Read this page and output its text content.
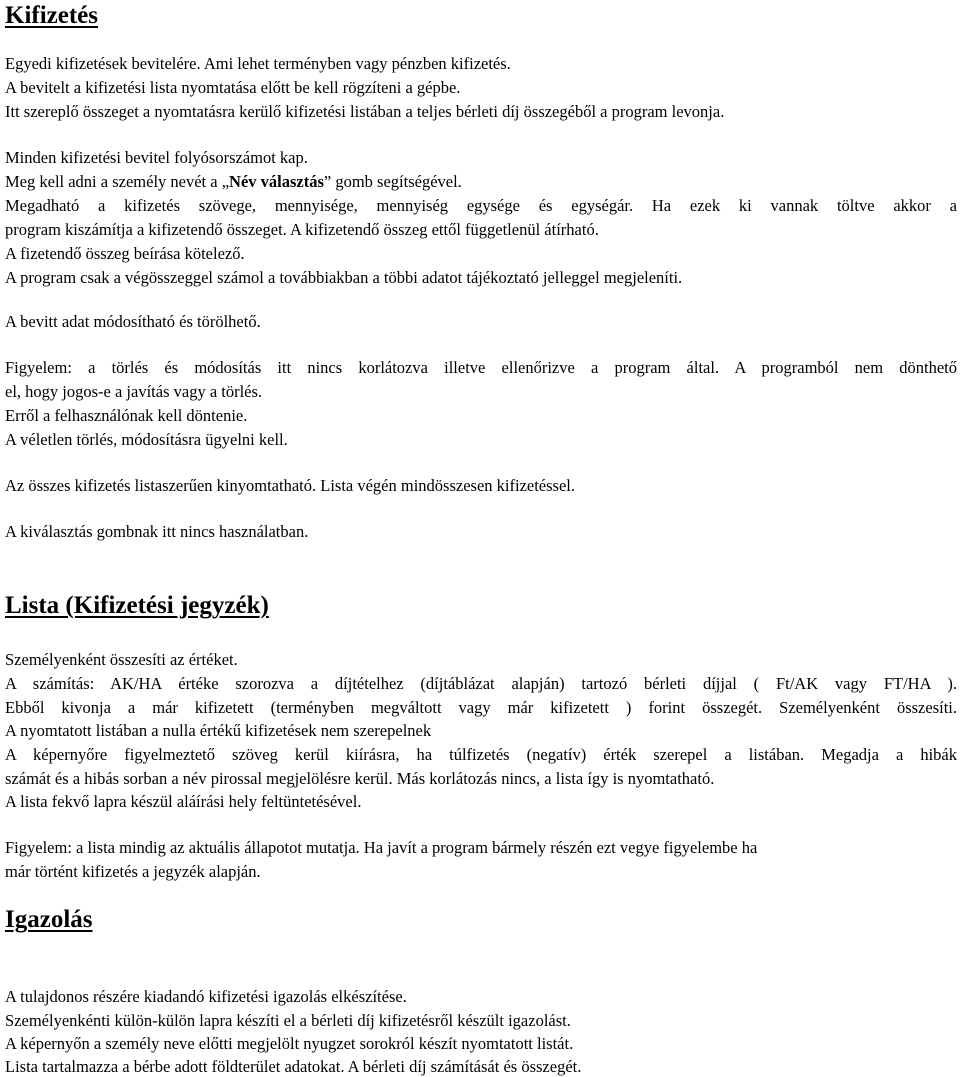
Kifizetés

Egyedi kifizetések bevitelére. Ami lehet terményben vagy pénzben kifizetés.

A bevitelt a kifizetési lista nyomtatása előtt be kell rögzíteni a gépbe.

Itt szereplő összeget a nyomtatásra kerülő kifizetési listában a teljes bérleti díj összegéből a program levonja.

Minden kifizetési bevitel folyósorszámot kap.

Meg kell adni a személy nevét a „Név választás” gomb segítségével.

Megadható a kifizetés szövege, mennyisége, mennyiség egysége és egységár. Ha ezek ki vannak töltve akkor a

program kiszámítja a kifizetendő összeget. A kifizetendő összeg ettől függetlenül átírható.

A fizetendő összeg beírása kötelező.

A program csak a végösszeggel számol a továbbiakban a többi adatot tájékoztató jelleggel megjeleníti.

A bevitt adat módosítható és törölhető.

Figyelem: a törlés és módosítás itt nincs korlátozva illetve ellenőrizve a program által. A programból nem dönthető

el, hogy jogos-e a javítás vagy a törlés.

Erről a felhasználónak kell döntenie.

A véletlen törlés, módosításra ügyelni kell.

Az összes kifizetés listaszerűen kinyomtatható. Lista végén mindösszesen kifizetéssel.

A kiválasztás gombnak itt nincs használatban.

Lista (Kifizetési jegyzék)

Személyenként összesíti az értéket.

A számítás: AK/HA értéke szorozva a díjtételhez (díjtáblázat alapján) tartozó bérleti díjjal ( Ft/AK vagy FT/HA ).

Ebből kivonja a már kifizetett (terményben megváltott vagy már kifizetett ) forint összegét. Személyenként összesíti.

A nyomtatott listában a nulla értékű kifizetések nem szerepelnek

A képernyőre figyelmeztető szöveg kerül kiírásra, ha túlfizetés (negatív) érték szerepel a listában. Megadja a hibák

számát és a hibás sorban a név pirossal megjelölésre kerül. Más korlátozás nincs, a lista így is nyomtatható.

A lista fekvő lapra készül aláírási hely feltüntetésével.

Figyelem: a lista mindig az aktuális állapotot mutatja. Ha javít a program bármely részén ezt vegye figyelembe ha

már történt kifizetés a jegyzék alapján.

Igazolás

A tulajdonos részére kiadandó kifizetési igazolás elkészítése.

Személyenkénti külön-külön lapra készíti el a bérleti díj kifizetésről készült igazolást.

A képernyőn a személy neve előtti megjelölt nyugzet sorokról készít nyomtatott listát.

Lista tartalmazza a bérbe adott földterület adatokat. A bérleti díj számítását és összegét.
